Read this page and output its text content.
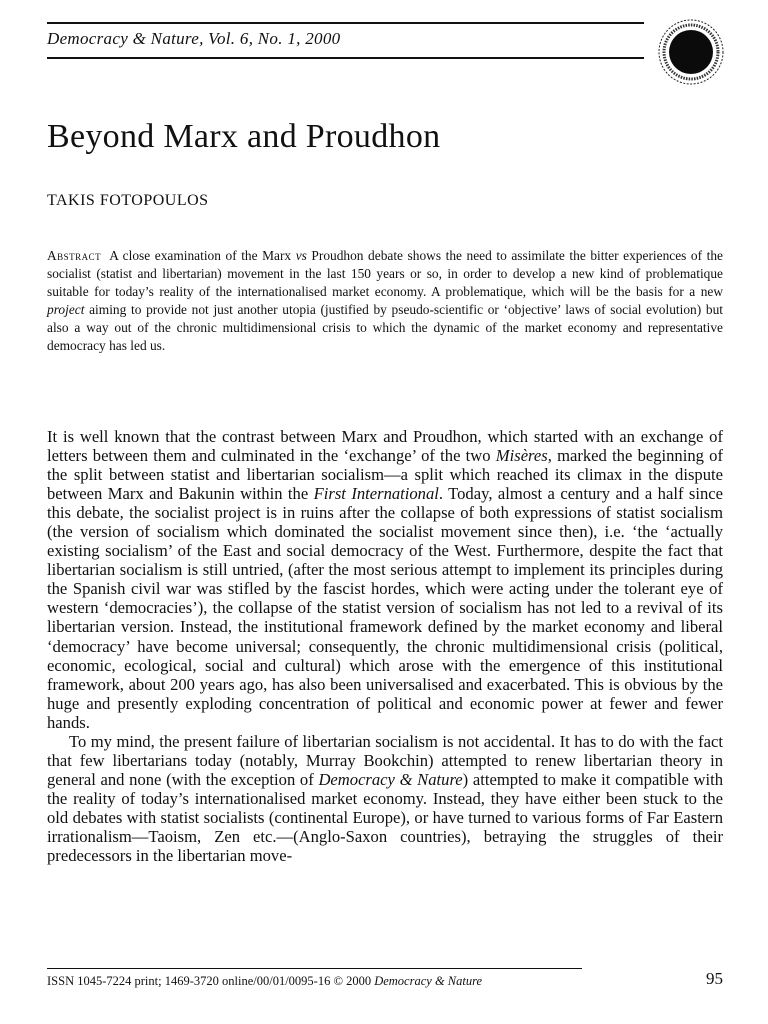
Democracy & Nature, Vol. 6, No. 1, 2000
Beyond Marx and Proudhon
TAKIS FOTOPOULOS
Abstract A close examination of the Marx vs Proudhon debate shows the need to assimilate the bitter experiences of the socialist (statist and libertarian) movement in the last 150 years or so, in order to develop a new kind of problematique suitable for today’s reality of the internationalised market economy. A problematique, which will be the basis for a new project aiming to provide not just another utopia (justified by pseudo-scientific or ‘objective’ laws of social evolution) but also a way out of the chronic multidimensional crisis to which the dynamic of the market economy and representative democracy has led us.

It is well known that the contrast between Marx and Proudhon, which started with an exchange of letters between them and culminated in the ‘exchange’ of the two Misères, marked the beginning of the split between statist and libertarian socialism—a split which reached its climax in the dispute between Marx and Bakunin within the First International. Today, almost a century and a half since this debate, the socialist project is in ruins after the collapse of both expressions of statist socialism (the version of socialism which dominated the socialist movement since then), i.e. ‘the ‘actually existing socialism’ of the East and social democracy of the West. Furthermore, despite the fact that libertarian socialism is still untried, (after the most serious attempt to implement its principles during the Spanish civil war was stifled by the fascist hordes, which were acting under the tolerant eye of western ‘democracies’), the collapse of the statist version of socialism has not led to a revival of its libertarian version. Instead, the institutional framework defined by the market economy and liberal ‘democracy’ have become universal; consequently, the chronic multidimensional crisis (political, economic, ecological, social and cultural) which arose with the emergence of this institutional framework, about 200 years ago, has also been universalised and exacerbated. This is obvious by the huge and presently exploding concentration of political and economic power at fewer and fewer hands.

To my mind, the present failure of libertarian socialism is not accidental. It has to do with the fact that few libertarians today (notably, Murray Bookchin) attempted to renew libertarian theory in general and none (with the exception of Democracy & Nature) attempted to make it compatible with the reality of today’s internationalised market economy. Instead, they have either been stuck to the old debates with statist socialists (continental Europe), or have turned to various forms of Far Eastern irrationalism—Taoism, Zen etc.—(Anglo-Saxon countries), betraying the struggles of their predecessors in the libertarian move-

ISSN 1045-7224 print; 1469-3720 online/00/01/0095-16 © 2000 Democracy & Nature	95
